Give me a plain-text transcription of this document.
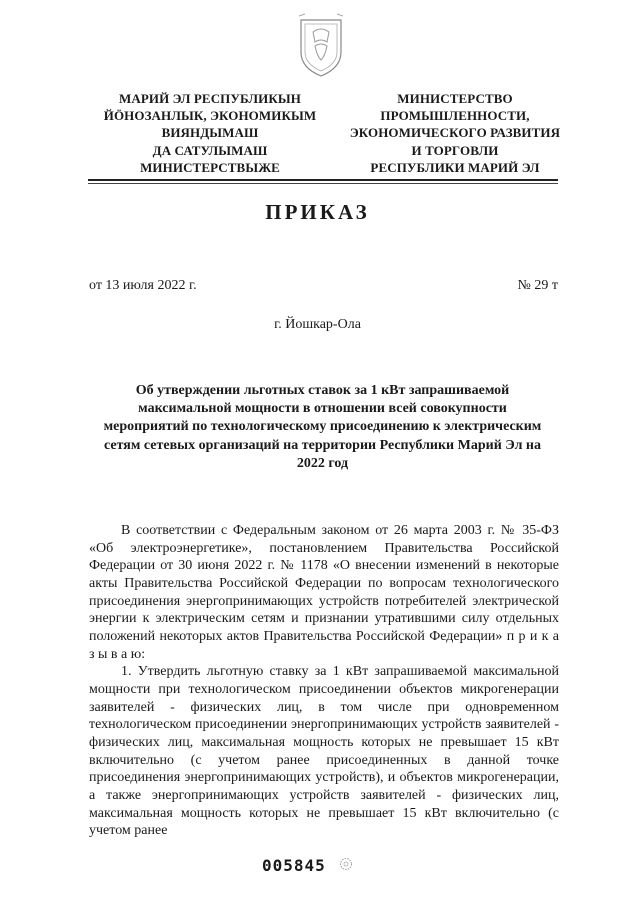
МАРИЙ ЭЛ РЕСПУБЛИКЫН
ЙÖНОЗАНЛЫК, ЭКОНОМИКЫМ
ВИЯНДЫМАШ
ДА САТУЛЫМАШ
МИНИСТЕРСТВЫЖЕ
МИНИСТЕРСТВО
ПРОМЫШЛЕННОСТИ,
ЭКОНОМИЧЕСКОГО РАЗВИТИЯ
И ТОРГОВЛИ
РЕСПУБЛИКИ МАРИЙ ЭЛ
ПРИКАЗ
от 13 июля 2022 г.	№ 29 т
г. Йошкар-Ола
Об утверждении льготных ставок за 1 кВт запрашиваемой максимальной мощности в отношении всей совокупности мероприятий по технологическому присоединению к электрическим сетям сетевых организаций на территории Республики Марий Эл на 2022 год

В соответствии с Федеральным законом от 26 марта 2003 г. № 35-ФЗ «Об электроэнергетике», постановлением Правительства Российской Федерации от 30 июня 2022 г. № 1178 «О внесении изменений в некоторые акты Правительства Российской Федерации по вопросам технологического присоединения энергопринимающих устройств потребителей электрической энергии к электрическим сетям и признании утратившими силу отдельных положений некоторых актов Правительства Российской Федерации» п р и к а з ы в а ю:

1. Утвердить льготную ставку за 1 кВт запрашиваемой максимальной мощности при технологическом присоединении объектов микрогенерации заявителей - физических лиц, в том числе при одновременном технологическом присоединении энергопринимающих устройств заявителей - физических лиц, максимальная мощность которых не превышает 15 кВт включительно (с учетом ранее присоединенных в данной точке присоединения энергопринимающих устройств), и объектов микрогенерации, а также энергопринимающих устройств заявителей - физических лиц, максимальная мощность которых не превышает 15 кВт включительно (с учетом ранее

005845
